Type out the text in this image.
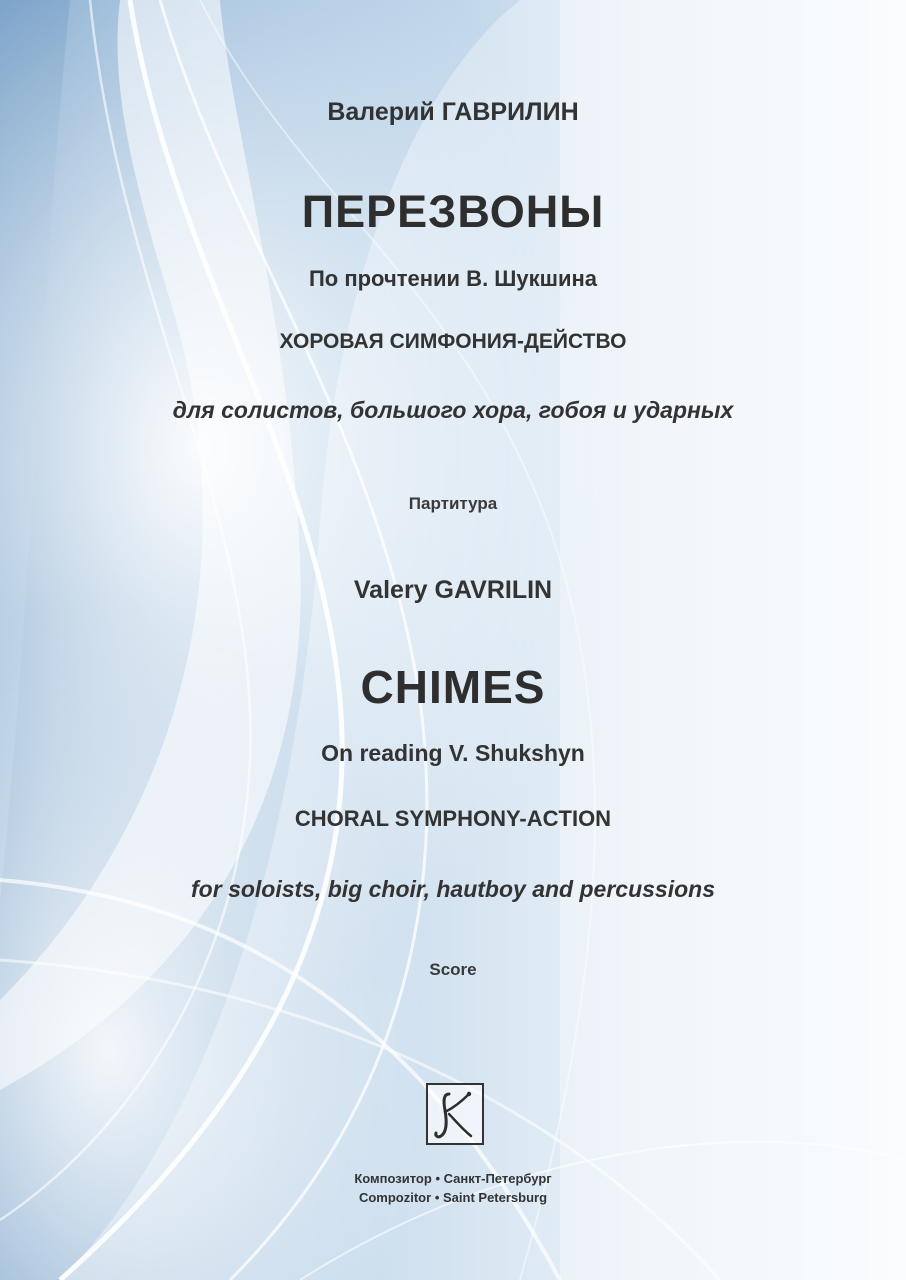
Валерий ГАВРИЛИН
ПЕРЕЗВОНЫ
По прочтении В. Шукшина
ХОРОВАЯ СИМФОНИЯ-ДЕЙСТВО
для солистов, большого хора, гобоя и ударных
Партитура
Valery GAVRILIN
CHIMES
On reading V. Shukshyn
CHORAL SYMPHONY-ACTION
for soloists, big choir, hautboy and percussions
Score
Композитор • Санкт-Петербург
Compozitor • Saint Petersburg
